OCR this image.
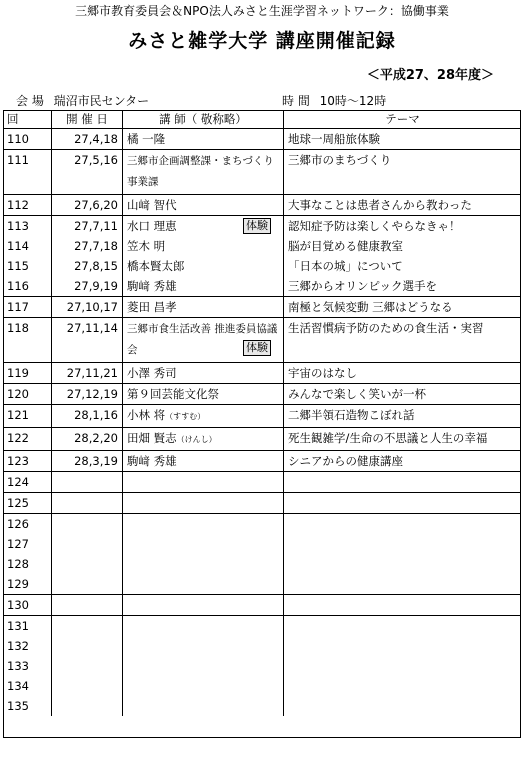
三郷市教育委員会＆NPO法人みさと生涯学習ネットワーク：協働事業
みさと雑学大学 講座開催記録
＜平成27、28年度＞
会 場 瑞沼市民センター	時 間 10時～12時
回	開 催 日	講 師（ 敬称略）	テーマ
110	27,4,18	橘 一隆	地球一周船旅体験
111	27,5,16	三郷市企画調整課・まちづくり事業課	三郷市のまちづくり
112	27,6,20	山﨑 智代	大事なことは患者さんから教わった
113	27,7,11	水口 理恵 体験	認知症予防は楽しくやらなきゃ！
114	27,7,18	笠木 明	脳が目覚める健康教室
115	27,8,15	橋本賢太郎	「日本の城」について
116	27,9,19	駒﨑 秀雄	三郷からオリンピック選手を
117	27,10,17	菱田 昌孝	南極と気候変動 三郷はどうなる
118	27,11,14	三郷市食生活改善 推進委員協議会 体験	生活習慣病予防のための食生活・実習
119	27,11,21	小澤 秀司	宇宙のはなし
120	27,12,19	第９回芸能文化祭	みんなで楽しく笑いが一杯
121	28,1,16	小林 将（すすむ）	二郷半領石造物こぼれ話
122	28,2,20	田畑 賢志（けんし）	死生観雑学/生命の不思議と人生の幸福
123	28,3,19	駒﨑 秀雄	シニアからの健康講座
124			
125			
126			
127			
128			
129			
130			
131			
132			
133			
134			
135			
